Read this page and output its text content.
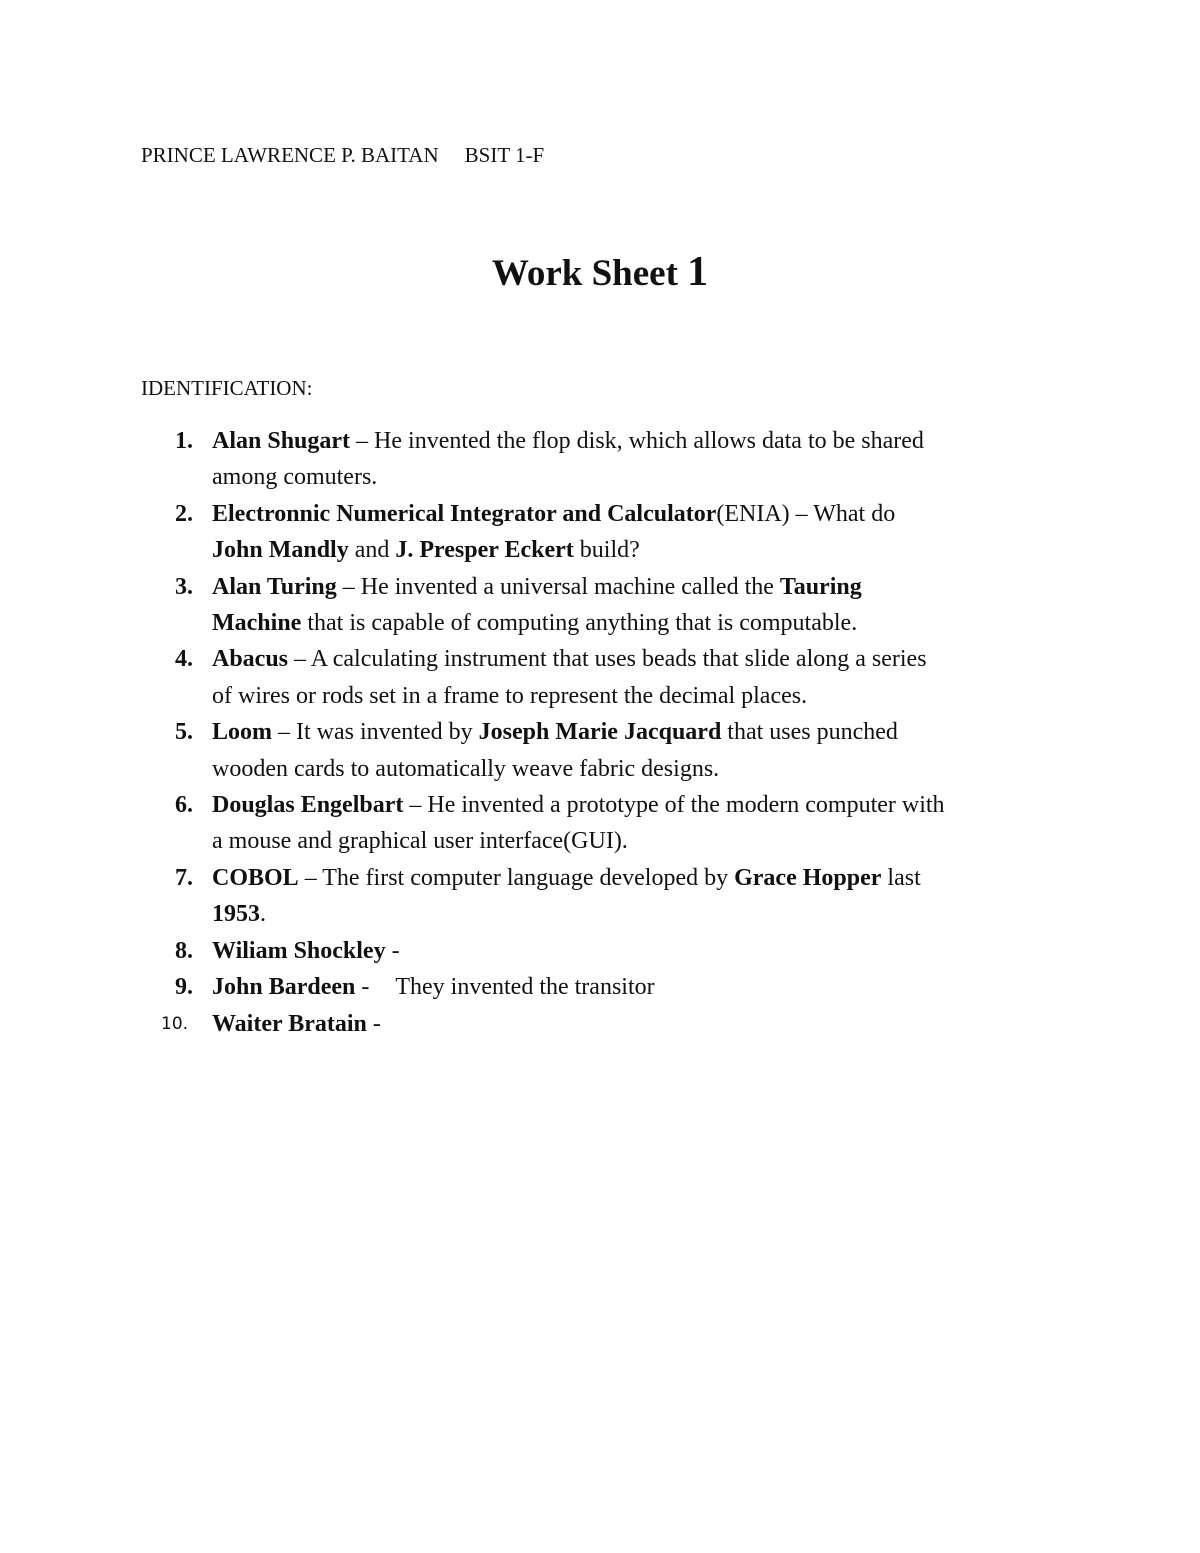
PRINCE LAWRENCE P. BAITAN BSIT 1-F
Work Sheet 1
IDENTIFICATION:
1. Alan Shugart – He invented the flop disk, which allows data to be shared
among comuters.
2. Electronnic Numerical Integrator and Calculator(ENIA) – What do
John Mandly and J. Presper Eckert build?
3. Alan Turing – He invented a universal machine called the Tauring
Machine that is capable of computing anything that is computable.
4. Abacus – A calculating instrument that uses beads that slide along a series
of wires or rods set in a frame to represent the decimal places.
5. Loom – It was invented by Joseph Marie Jacquard that uses punched
wooden cards to automatically weave fabric designs.
6. Douglas Engelbart – He invented a prototype of the modern computer with
a mouse and graphical user interface(GUI).
7. COBOL – The first computer language developed by Grace Hopper last
1953.
8. Wiliam Shockley -
9. John Bardeen - They invented the transitor
10. Waiter Bratain -
